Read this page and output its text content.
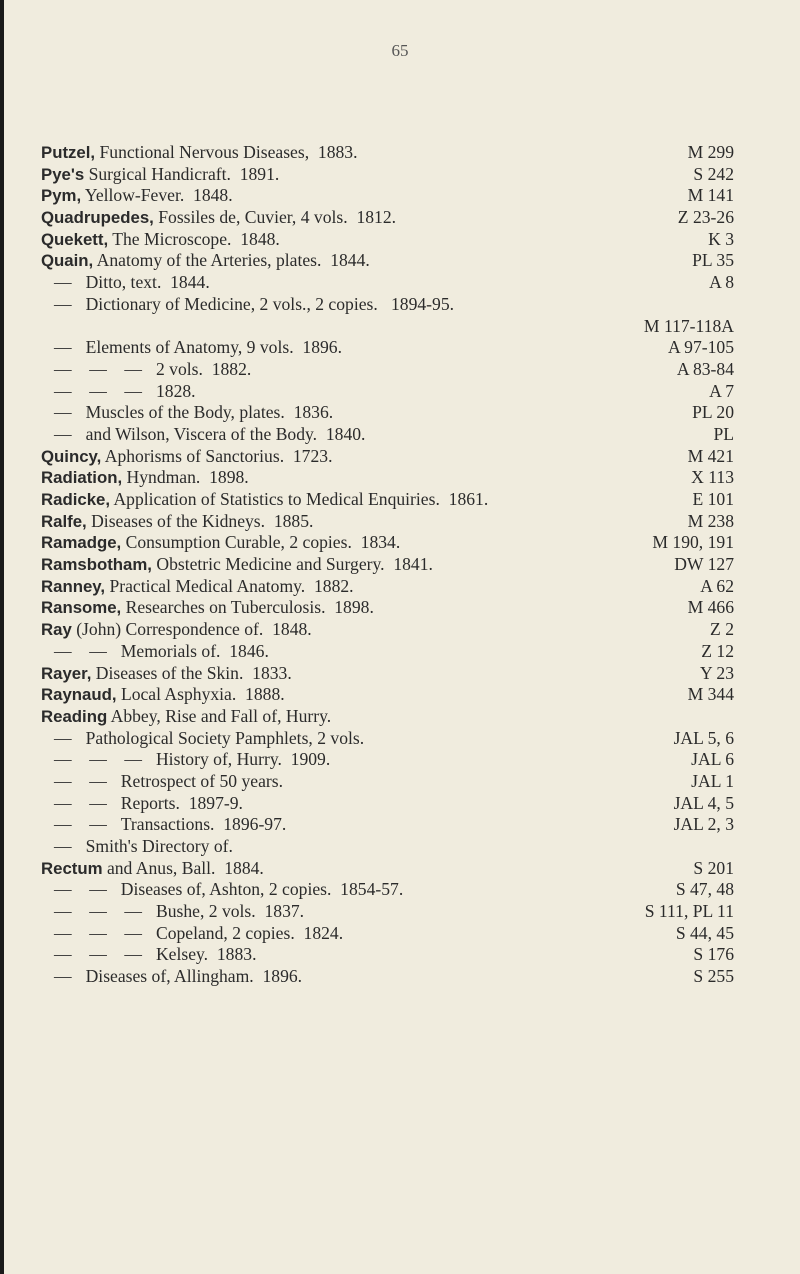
65
Putzel, Functional Nervous Diseases,  1883.	M 299
Pye's Surgical Handicraft.  1891.	S 242
Pym, Yellow-Fever.  1848.	M 141
Quadrupedes, Fossiles de, Cuvier, 4 vols.  1812.	Z 23-26
Quekett, The Microscope.  1848.	K 3
Quain, Anatomy of the Arteries, plates.  1844.	PL 35
— Ditto, text.  1844.	A 8
— Dictionary of Medicine, 2 vols., 2 copies.   1894-95.
M 117-118A
— Elements of Anatomy, 9 vols.  1896.	A 97-105
—    —    — 2 vols.  1882.	A 83-84
—    —    — 1828.	A 7
— Muscles of the Body, plates.  1836.	PL 20
— and Wilson, Viscera of the Body.  1840.	PL
Quincy, Aphorisms of Sanctorius.  1723.	M 421
Radiation, Hyndman.  1898.	X 113
Radicke, Application of Statistics to Medical Enquiries.  1861.	E 101
Ralfe, Diseases of the Kidneys.  1885.	M 238
Ramadge, Consumption Curable, 2 copies.  1834.	M 190, 191
Ramsbotham, Obstetric Medicine and Surgery.  1841.	DW 127
Ranney, Practical Medical Anatomy.  1882.	A 62
Ransome, Researches on Tuberculosis.  1898.	M 466
Ray (John) Correspondence of.  1848.	Z 2
—    — Memorials of.  1846.	Z 12
Rayer, Diseases of the Skin.  1833.	Y 23
Raynaud, Local Asphyxia.  1888.	M 344
Reading Abbey, Rise and Fall of, Hurry.
— Pathological Society Pamphlets, 2 vols.	JAL 5, 6
—    —    — History of, Hurry.  1909.	JAL 6
—    — Retrospect of 50 years.	JAL 1
—    — Reports.  1897-9.	JAL 4, 5
—    — Transactions.  1896-97.	JAL 2, 3
— Smith's Directory of.
Rectum and Anus, Ball.  1884.	S 201
—    — Diseases of, Ashton, 2 copies.  1854-57.	S 47, 48
—    —    — Bushe, 2 vols.  1837.	S 111, PL 11
—    —    — Copeland, 2 copies.  1824.	S 44, 45
—    —    — Kelsey.  1883.	S 176
— Diseases of, Allingham.  1896.	S 255
